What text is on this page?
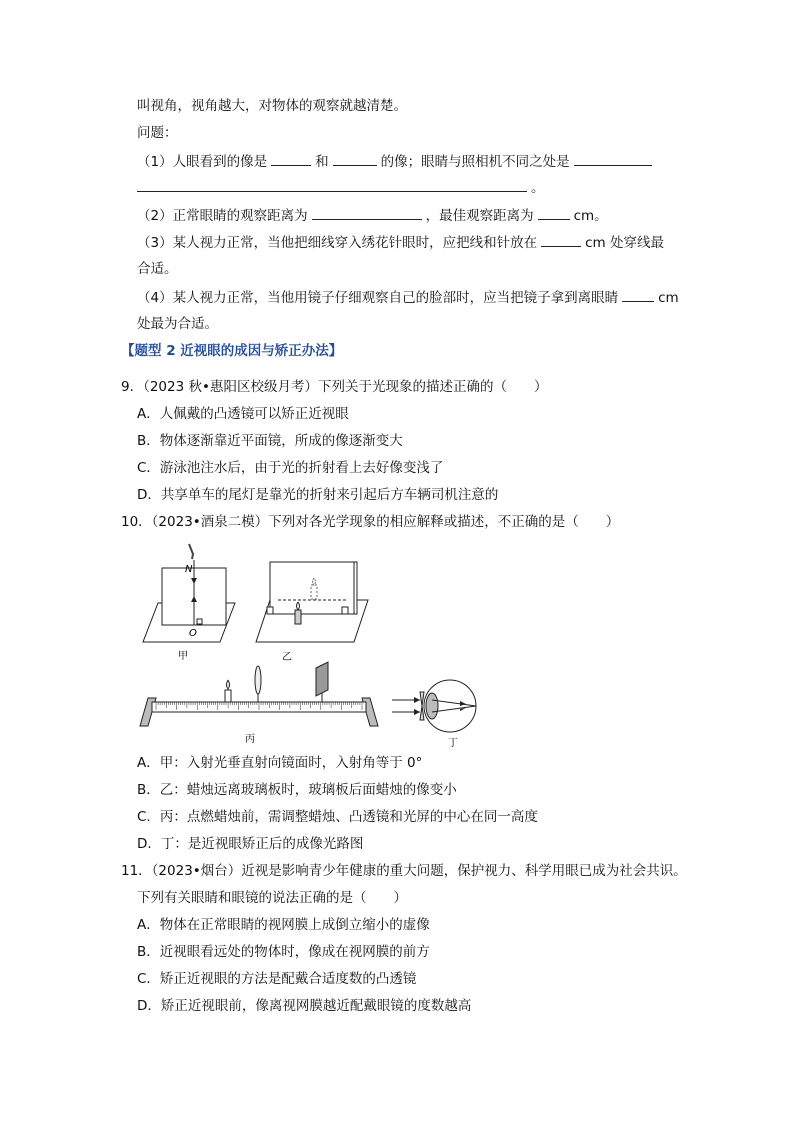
叫视角，视角越大，对物体的观察就越清楚。
问题：
（1）人眼看到的像是	和	的像；眼睛与照相机不同之处是
。
（2）正常眼睛的观察距离为	，最佳观察距离为	cm。
（3）某人视力正常，当他把细线穿入绣花针眼时，应把线和针放在	cm 处穿线最
合适。
（4）某人视力正常，当他用镜子仔细观察自己的脸部时，应当把镜子拿到离眼睛	cm
处最为合适。
【题型 2 近视眼的成因与矫正办法】
9．（2023 秋•惠阳区校级月考）下列关于光现象的描述正确的（　　）
A．人佩戴的凸透镜可以矫正近视眼
B．物体逐渐靠近平面镜，所成的像逐渐变大
C．游泳池注水后，由于光的折射看上去好像变浅了
D．共享单车的尾灯是靠光的折射来引起后方车辆司机注意的
10．（2023•酒泉二模）下列对各光学现象的相应解释或描述，不正确的是（　　）
N
O
甲	乙
丙	丁
A．甲：入射光垂直射向镜面时，入射角等于 0°
B．乙：蜡烛远离玻璃板时，玻璃板后面蜡烛的像变小
C．丙：点燃蜡烛前，需调整蜡烛、凸透镜和光屏的中心在同一高度
D．丁：是近视眼矫正后的成像光路图
11．（2023•烟台）近视是影响青少年健康的重大问题，保护视力、科学用眼已成为社会共识。
下列有关眼睛和眼镜的说法正确的是（　　）
A．物体在正常眼睛的视网膜上成倒立缩小的虚像
B．近视眼看远处的物体时，像成在视网膜的前方
C．矫正近视眼的方法是配戴合适度数的凸透镜
D．矫正近视眼前，像离视网膜越近配戴眼镜的度数越高
